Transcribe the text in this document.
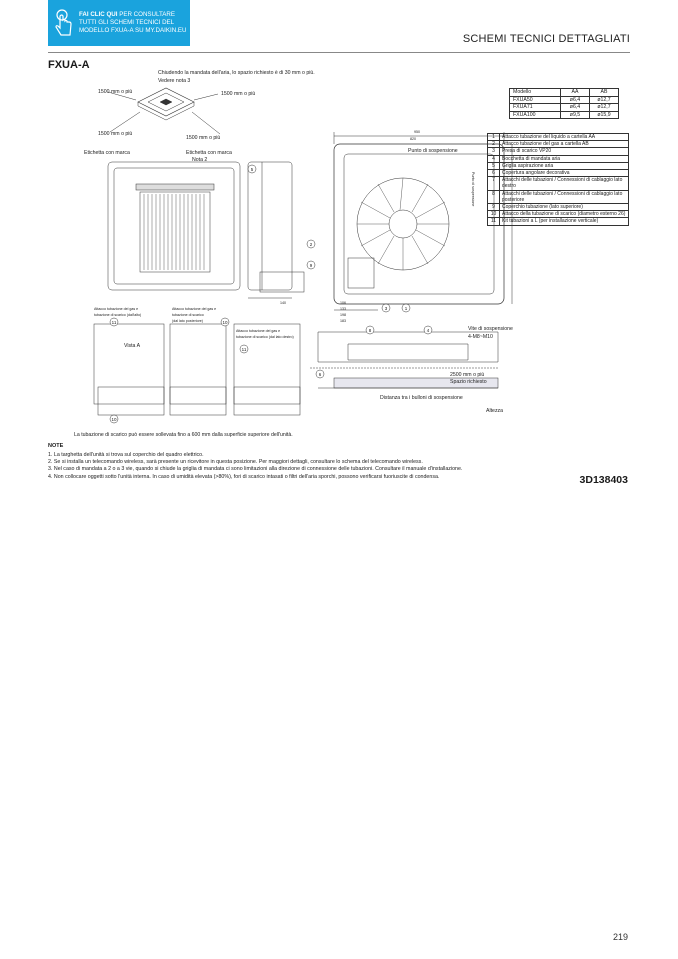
FAI CLIC QUI PER CONSULTARE
TUTTI GLI SCHEMI TECNICI DEL
MODELLO FXUA-A SU MY.DAIKIN.EU
SCHEMI TECNICI DETTAGLIATI
FXUA-A
5
2
9
3	1
11	10
11
8	4
6
10
Chiudendo la mandata dell'aria, lo spazio richiesto è di 30 mm o più.
Vedere nota 3
1500 mm o più	1500 mm o più
1500 mm o più
1500 mm o più
Etichetta con marca	Etichetta con marca
Nota 2
Punto di sospensione
Vista A
Vite di sospensione
4-M8~M10
2500 mm o più
Spazio richiesto
Distanza tra i bulloni di sospensione
Altezza
La tubazione di scarico può essere sollevata fino a 600 mm dalla superficie superiore dell'unità.
Punto di sospensione
Attacco tubazione del gas e
tubazione di scarico (dall'alto)
Attacco tubazione del gas e
tubazione di scarico
(dal lato posteriore)
Attacco tubazione del gas e
tubazione di scarico (dal lato destro)
950
820
140
198
183
133
106
Modello	AA	AB
FXUA50	ø6,4	ø12,7
FXUA71	ø6,4	ø12,7
FXUA100	ø9,5	ø15,9
1	Attacco tubazione del liquido a cartella AA
2	Attacco tubazione del gas a cartella AB
3	Presa di scarico VP20
4	Bocchetta di mandata aria
5	Griglia aspirazione aria
6	Copertura angolare decorativa
7	Attacchi delle tubazioni / Connessioni di cablaggio lato destro
8	Attacchi delle tubazioni / Connessioni di cablaggio lato posteriore
9	Coperchio tubazione (lato superiore)
10	Attacco della tubazione di scarico (diametro esterno 26)
11	Kit tubazioni a L (per installazione verticale)
NOTE
1. La targhetta dell'unità si trova sul coperchio del quadro elettrico.
2. Se si installa un telecomando wireless, sarà presente un ricevitore in questa posizione. Per maggiori dettagli, consultare lo schema del telecomando wireless.
3. Nel caso di mandata a 2 o a 3 vie, quando si chiude la griglia di mandata ci sono limitazioni alla direzione di connessione delle tubazioni. Consultare il manuale d'installazione.
4. Non collocare oggetti sotto l'unità interna. In caso di umidità elevata (>80%), fori di scarico intasati o filtri dell'aria sporchi, possono verificarsi fuoriuscite di condensa.	3D138403
219
